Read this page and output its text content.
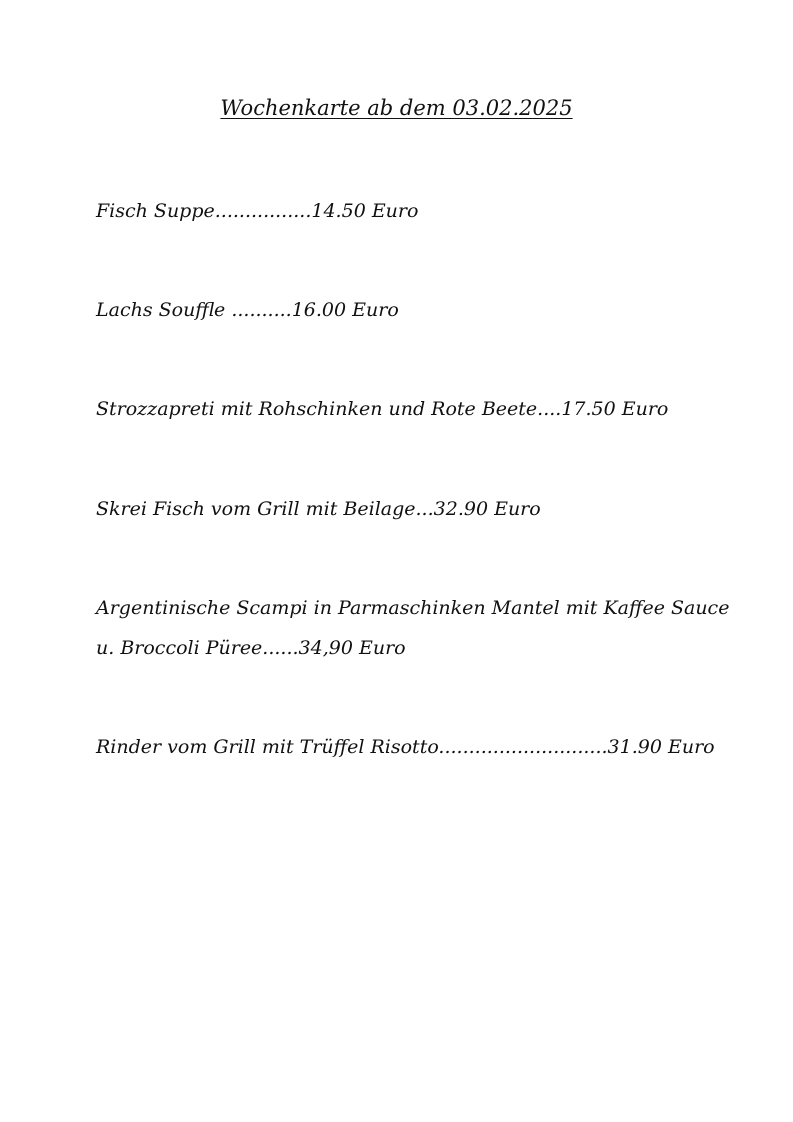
Wochenkarte ab dem 03.02.2025
Fisch Suppe................14.50 Euro
Lachs Souffle ..........16.00 Euro
Strozzapreti mit Rohschinken und Rote Beete....17.50 Euro
Skrei Fisch vom Grill mit Beilage...32.90 Euro
Argentinische Scampi in Parmaschinken Mantel mit Kaffee Sauce
u. Broccoli Püree......34,90 Euro
Rinder vom Grill mit Trüffel Risotto............................31.90 Euro
